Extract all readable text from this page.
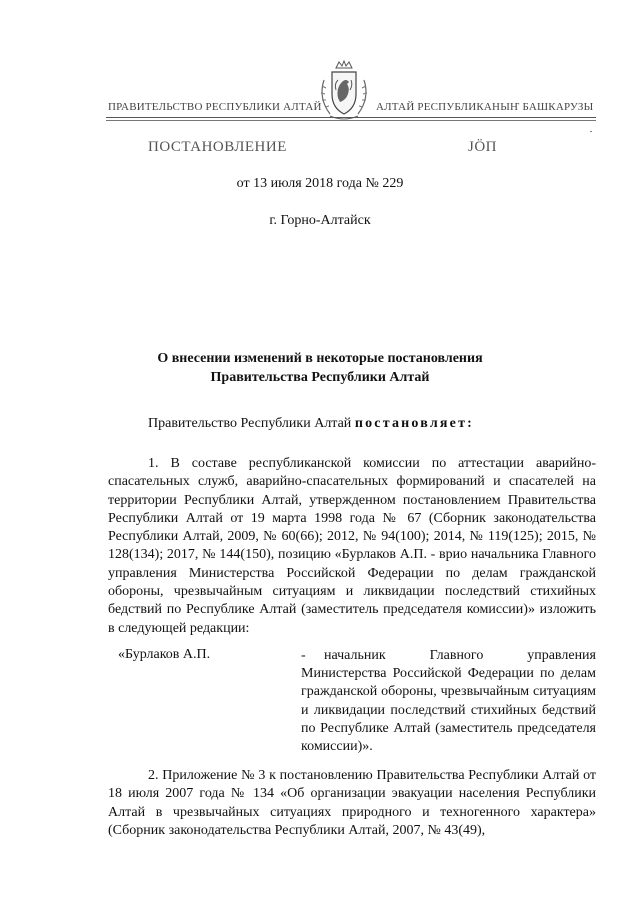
ПРАВИТЕЛЬСТВО РЕСПУБЛИКИ АЛТАЙ	АЛТАЙ РЕСПУБЛИКАНЫҤ БАШКАРУЗЫ
ПОСТАНОВЛЕНИЕ	ЈӦП
от 13 июля 2018 года № 229
г. Горно-Алтайск
О внесении изменений в некоторые постановления
Правительства Республики Алтай
Правительство Республики Алтай постановляет:
1. В составе республиканской комиссии по аттестации аварийно-спасательных служб, аварийно-спасательных формирований и спасателей на территории Республики Алтай, утвержденном постановлением Правительства Республики Алтай от 19 марта 1998 года № 67 (Сборник законодательства Республики Алтай, 2009, № 60(66); 2012, № 94(100); 2014, № 119(125); 2015, № 128(134); 2017, № 144(150), позицию «Бурлаков А.П. - врио начальника Главного управления Министерства Российской Федерации по делам гражданской обороны, чрезвычайным ситуациям и ликвидации последствий стихийных бедствий по Республике Алтай (заместитель председателя комиссии)» изложить в следующей редакции:
«Бурлаков А.П.	- начальник Главного управления Министерства Российской Федерации по делам гражданской обороны, чрезвычайным ситуациям и ликвидации последствий стихийных бедствий по Республике Алтай (заместитель председателя комиссии)».
2. Приложение № 3 к постановлению Правительства Республики Алтай от 18 июля 2007 года № 134 «Об организации эвакуации населения Республики Алтай в чрезвычайных ситуациях природного и техногенного характера» (Сборник законодательства Республики Алтай, 2007, № 43(49),
